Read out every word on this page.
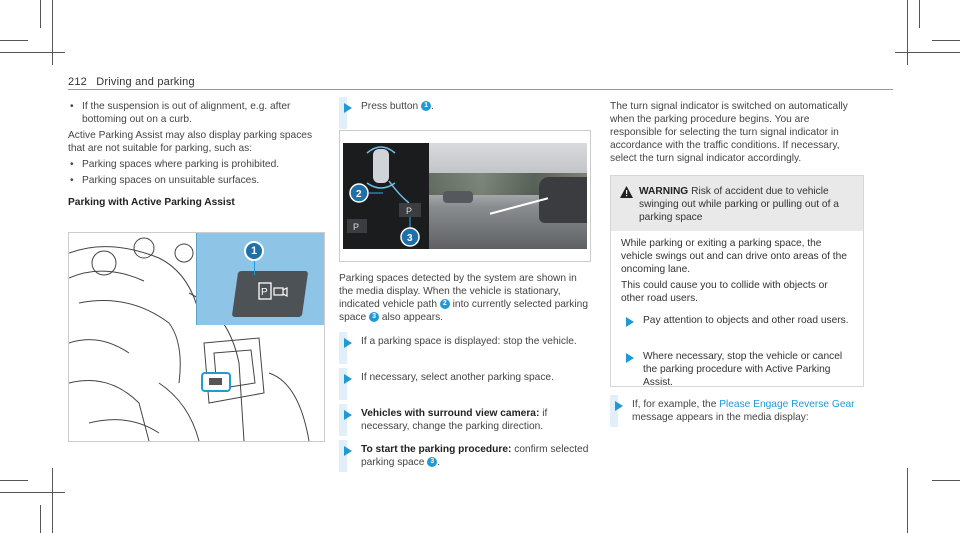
212 Driving and parking
• If the suspension is out of alignment, e.g. after bottoming out on a curb.

Active Parking Assist may also display parking spaces that are not suitable for parking, such as:

• Parking spaces where parking is prohibited.
• Parking spaces on unsuitable surfaces.
Parking with Active Parking Assist
P
1
Press button 1 .
P
P
2
3

Parking spaces detected by the system are shown in the media display. When the vehicle is stationary, indicated vehicle path 2 into currently selected parking space 3 also appears.

If a parking space is displayed: stop the vehicle.
If necessary, select another parking space.
Vehicles with surround view camera: if necessary, change the parking direction.
To start the parking procedure: confirm selected parking space 3 .

The turn signal indicator is switched on automatically when the parking procedure begins. You are responsible for selecting the turn signal indicator in accordance with the traffic conditions. If necessary, select the turn signal indicator accordingly.

WARNING Risk of accident due to vehicle swinging out while parking or pulling out of a parking space

While parking or exiting a parking space, the vehicle swings out and can drive onto areas of the oncoming lane.

This could cause you to collide with objects or other road users.

Pay attention to objects and other road users.
Where necessary, stop the vehicle or cancel the parking procedure with Active Parking Assist.
If, for example, the Please Engage Reverse Gear message appears in the media display:
